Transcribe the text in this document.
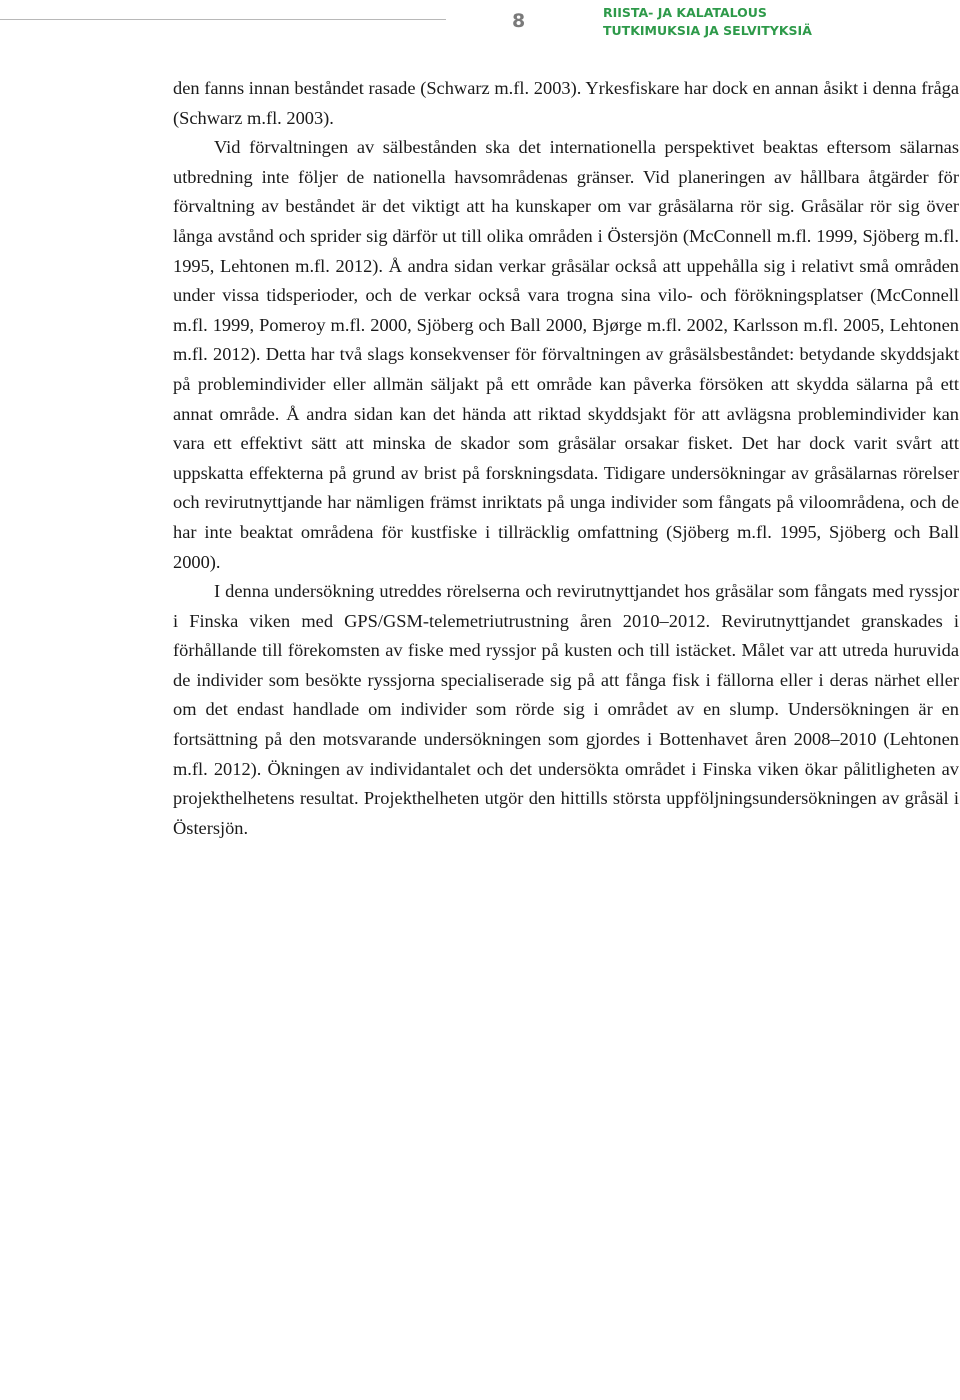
8	RIISTA- JA KALATALOUS
TUTKIMUKSIA JA SELVITYKSIÄ

den fanns innan beståndet rasade (Schwarz m.fl. 2003). Yrkesfiskare har dock en annan åsikt i denna fråga (Schwarz m.fl. 2003).

Vid förvaltningen av sälbestånden ska det internationella perspektivet beaktas eftersom sälarnas utbredning inte följer de nationella havsområdenas gränser. Vid planeringen av hållbara åtgärder för förvaltning av beståndet är det viktigt att ha kunskaper om var gråsälarna rör sig. Gråsälar rör sig över långa avstånd och sprider sig därför ut till olika områden i Östersjön (McConnell m.fl. 1999, Sjöberg m.fl. 1995, Lehtonen m.fl. 2012). Å andra sidan verkar gråsälar också att uppehålla sig i relativt små områden under vissa tidsperioder, och de verkar också vara trogna sina vilo- och förökningsplatser (McConnell m.fl. 1999, Pomeroy m.fl. 2000, Sjöberg och Ball 2000, Bjørge m.fl. 2002, Karlsson m.fl. 2005, Lehtonen m.fl. 2012). Detta har två slags konsekvenser för förvaltningen av gråsälsbeståndet: betydande skyddsjakt på problemindivider eller allmän säljakt på ett område kan påverka försöken att skydda sälarna på ett annat område. Å andra sidan kan det hända att riktad skyddsjakt för att avlägsna problemindivider kan vara ett effektivt sätt att minska de skador som gråsälar orsakar fisket. Det har dock varit svårt att uppskatta effekterna på grund av brist på forskningsdata. Tidigare undersökningar av gråsälarnas rörelser och revirutnyttjande har nämligen främst inriktats på unga individer som fångats på viloområdena, och de har inte beaktat områdena för kustfiske i tillräcklig omfattning (Sjöberg m.fl. 1995, Sjöberg och Ball 2000).

I denna undersökning utreddes rörelserna och revirutnyttjandet hos gråsälar som fångats med ryssjor i Finska viken med GPS/GSM-telemetriutrustning åren 2010–2012. Revirutnyttjandet granskades i förhållande till förekomsten av fiske med ryssjor på kusten och till istäcket. Målet var att utreda huruvida de individer som besökte ryssjorna specialiserade sig på att fånga fisk i fällorna eller i deras närhet eller om det endast handlade om individer som rörde sig i området av en slump. Undersökningen är en fortsättning på den motsvarande undersökningen som gjordes i Bottenhavet åren 2008–2010 (Lehtonen m.fl. 2012). Ökningen av individantalet och det undersökta området i Finska viken ökar pålitligheten av projekthelhetens resultat. Projekthelheten utgör den hittills största uppföljningsundersökningen av gråsäl i Östersjön.
